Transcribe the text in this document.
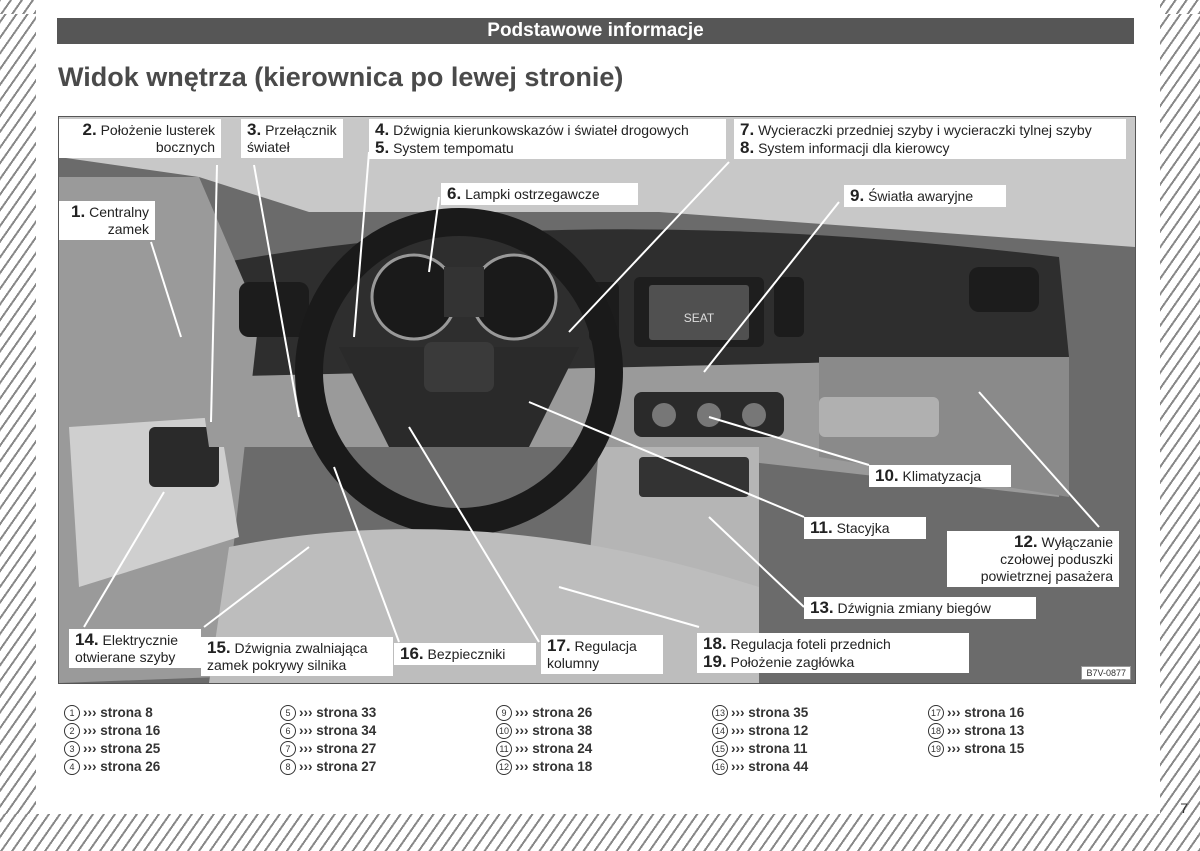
Podstawowe informacje
Widok wnętrza (kierownica po lewej stronie)
SEAT
1. Centralny
zamek
2. Położenie lusterek
bocznych
3. Przełącznik
świateł
4. Dźwignia kierunkowskazów i świateł drogowych
5. System tempomatu
6. Lampki ostrzegawcze
7. Wycieraczki przedniej szyby i wycieraczki tylnej szyby
8. System informacji dla kierowcy
9. Światła awaryjne
10. Klimatyzacja
11. Stacyjka
12. Wyłączanie
czołowej poduszki
powietrznej pasażera
13. Dźwignia zmiany biegów
14. Elektrycznie
otwierane szyby	15. Dźwignia zwalniająca
zamek pokrywy silnika
16. Bezpieczniki	17. Regulacja
kolumny
18. Regulacja foteli przednich
19. Położenie zagłówka
B7V-0877
1 ››› strona 8
2 ››› strona 16
3 ››› strona 25
4 ››› strona 26
5 ››› strona 33
6 ››› strona 34
7 ››› strona 27
8 ››› strona 27
9 ››› strona 26
10 ››› strona 38
11 ››› strona 24
12 ››› strona 18
13 ››› strona 35
14 ››› strona 12
15 ››› strona 11
16 ››› strona 44
17 ››› strona 16
18 ››› strona 13
19 ››› strona 15
7
